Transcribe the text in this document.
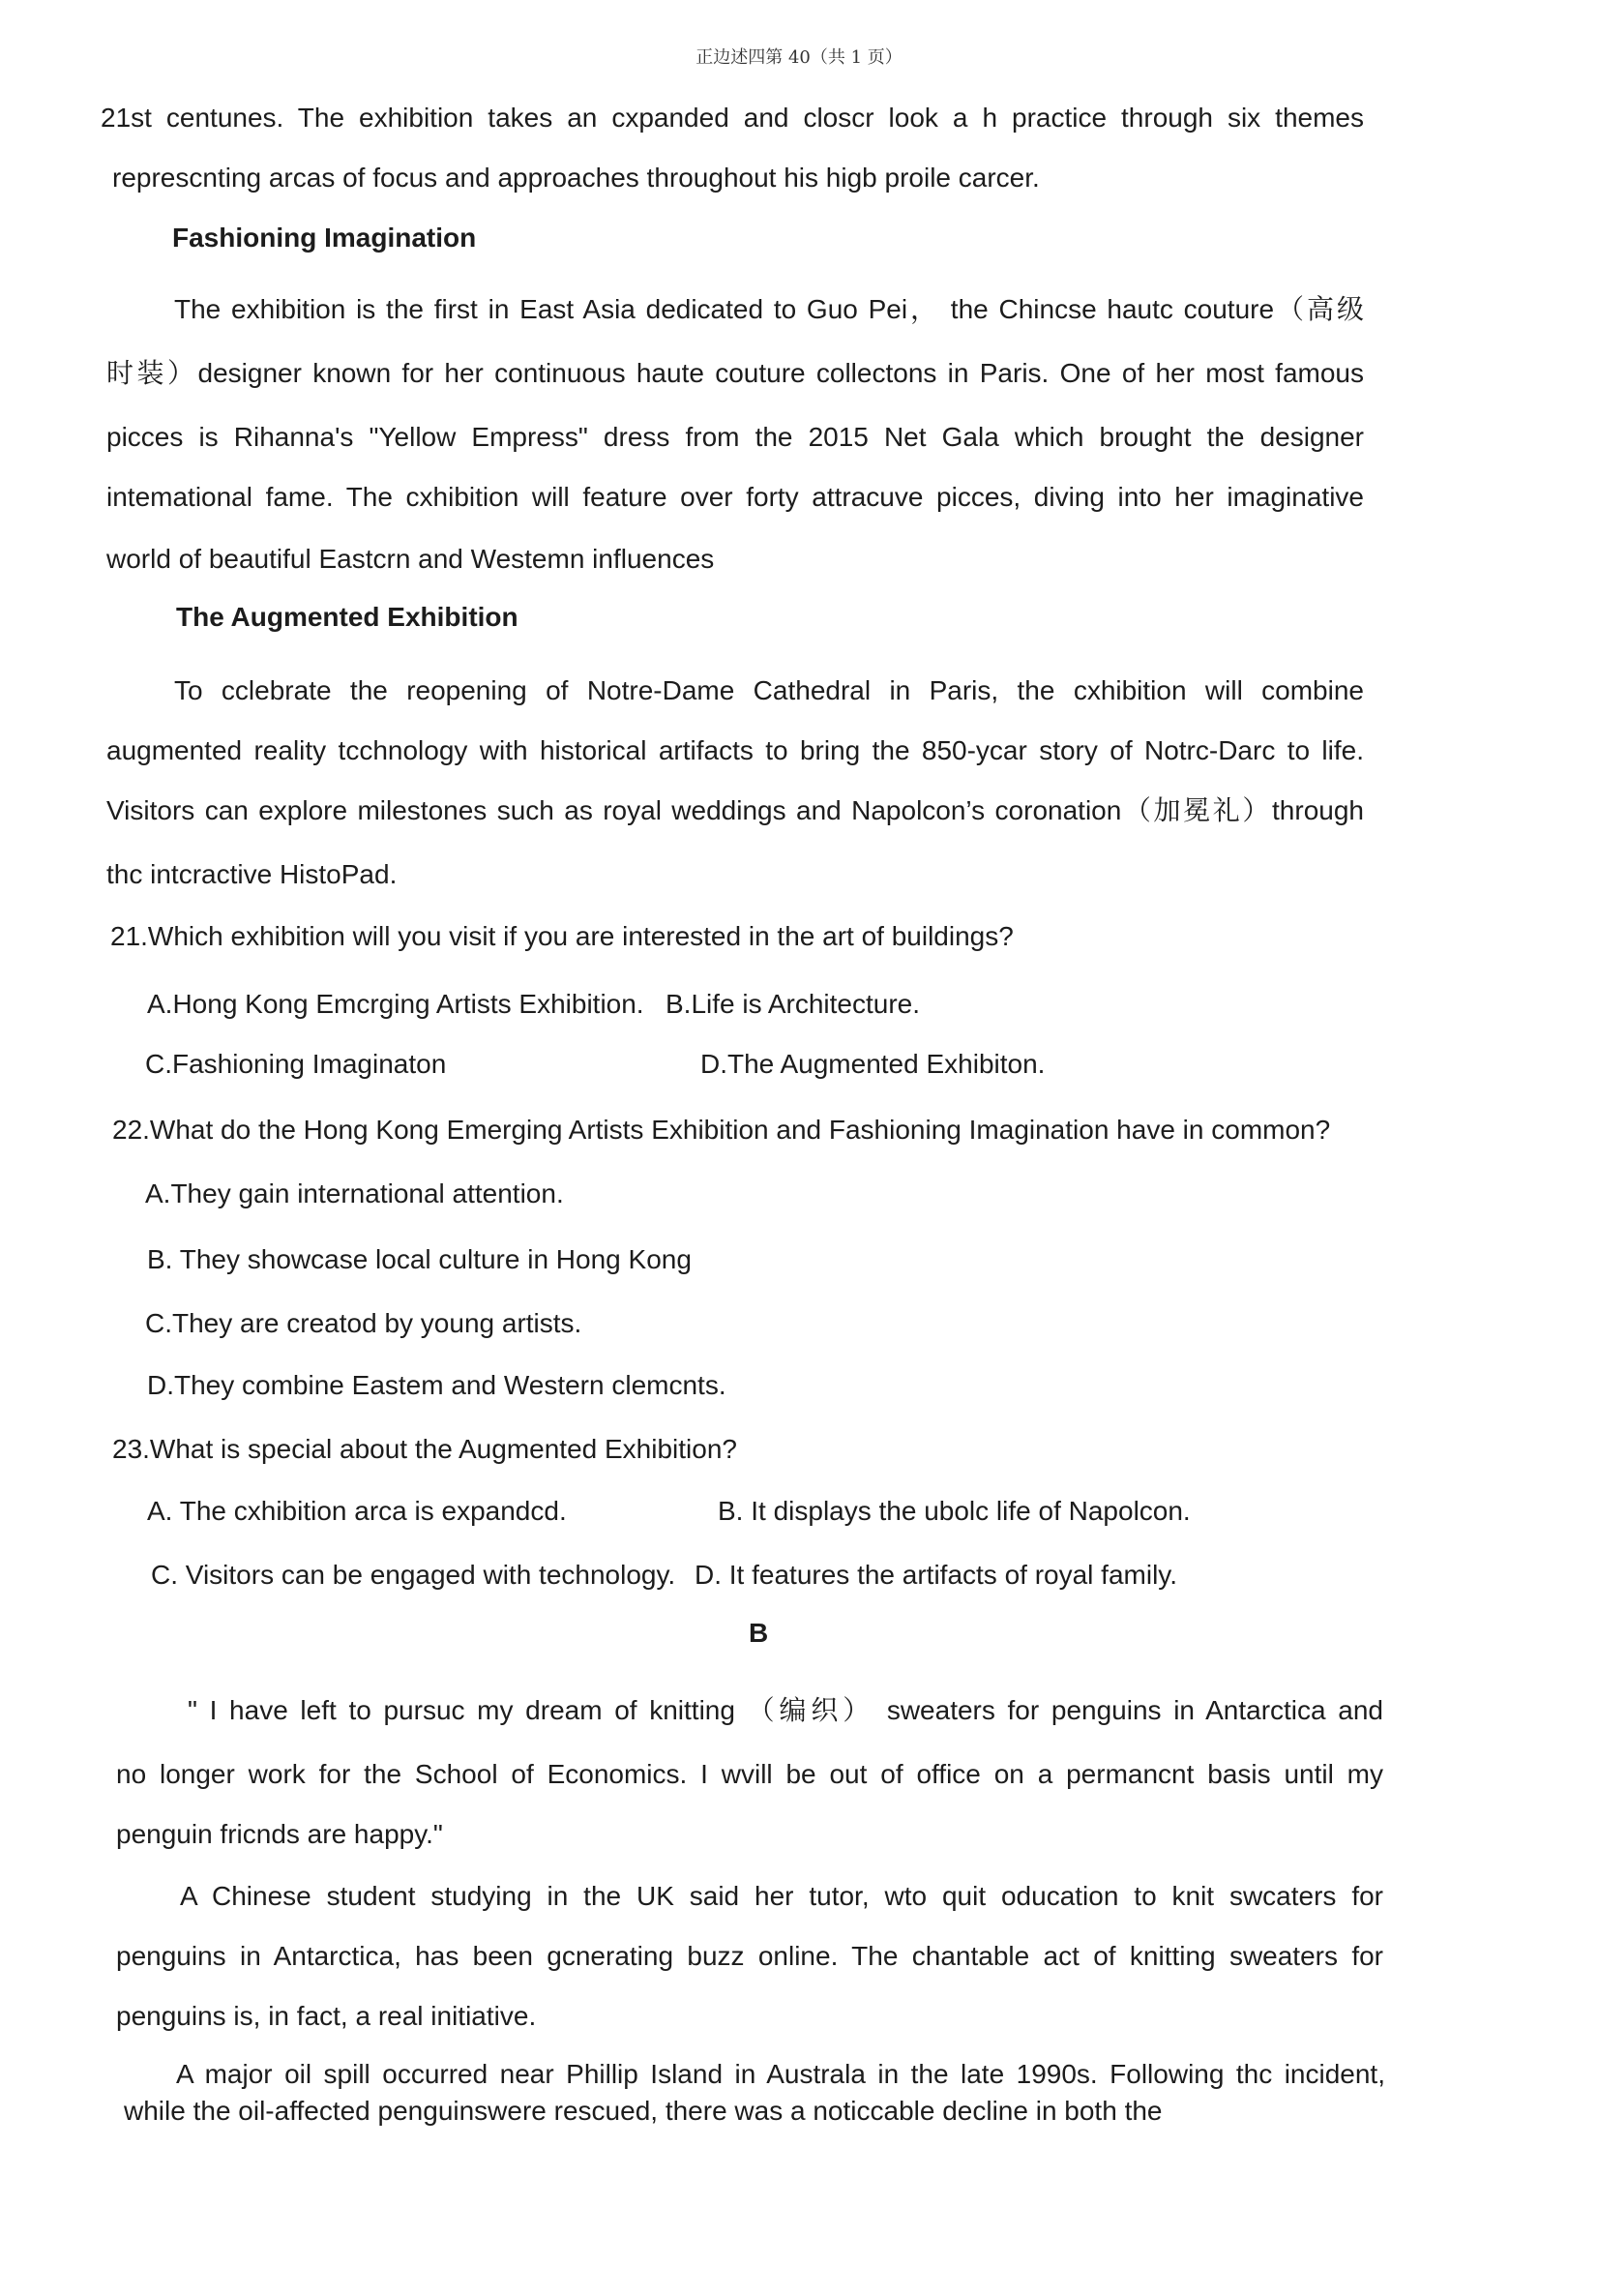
正边述四第 40（共 1 页）
21st centunes. The exhibition takes an cxpanded and closcr look a h practice through six themes
represcnting arcas of focus and approaches throughout his higb proile carcer.
Fashioning Imagination
The exhibition is the first in East Asia dedicated to Guo Pei， the Chincse hautc couture（高级
时装）designer known for her continuous haute couture collectons in Paris. One of her most famous
picces is Rihanna's "Yellow Empress" dress from the 2015 Net Gala which brought the designer
intemational fame. The cxhibition will feature over forty attracuve picces, diving into her imaginative
world of beautiful Eastcrn and Westemn influences
The Augmented Exhibition
To cclebrate the reopening of Notre-Dame Cathedral in Paris, the cxhibition will combine
augmented reality tcchnology with historical artifacts to bring the 850-ycar story of Notrc-Darc to life.
Visitors can explore milestones such as royal weddings and Napolcon’s coronation（加冕礼）through
thc intcractive HistoPad.
21.Which exhibition will you visit if you are interested in the art of buildings?
A.Hong Kong Emcrging Artists Exhibition. B.Life is Architecture.
C.Fashioning Imaginaton	D.The Augmented Exhibiton.
22.What do the Hong Kong Emerging Artists Exhibition and Fashioning Imagination have in common?
A.They gain international attention.
B. They showcase local culture in Hong Kong
C.They are creatod by young artists.
D.They combine Eastem and Western clemcnts.
23.What is special about the Augmented Exhibition?
A. The cxhibition arca is expandcd.	B. It displays the ubolc life of Napolcon.
C. Visitors can be engaged with technology. D. It features the artifacts of royal family.
B
" I have left to pursuc my dream of knitting （编织） sweaters for penguins in Antarctica and
no longer work for the School of Economics. I wvill be out of office on a permancnt basis until my
penguin fricnds are happy."
A Chinese student studying in the UK said her tutor, wto quit oducation to knit swcaters for
penguins in Antarctica, has been gcnerating buzz online. The chantable act of knitting sweaters for
penguins is, in fact, a real initiative.
A major oil spill occurred near Phillip Island in Australa in the late 1990s. Following thc incident,
while the oil-affected penguinswere rescued, there was a noticcable decline in both the
